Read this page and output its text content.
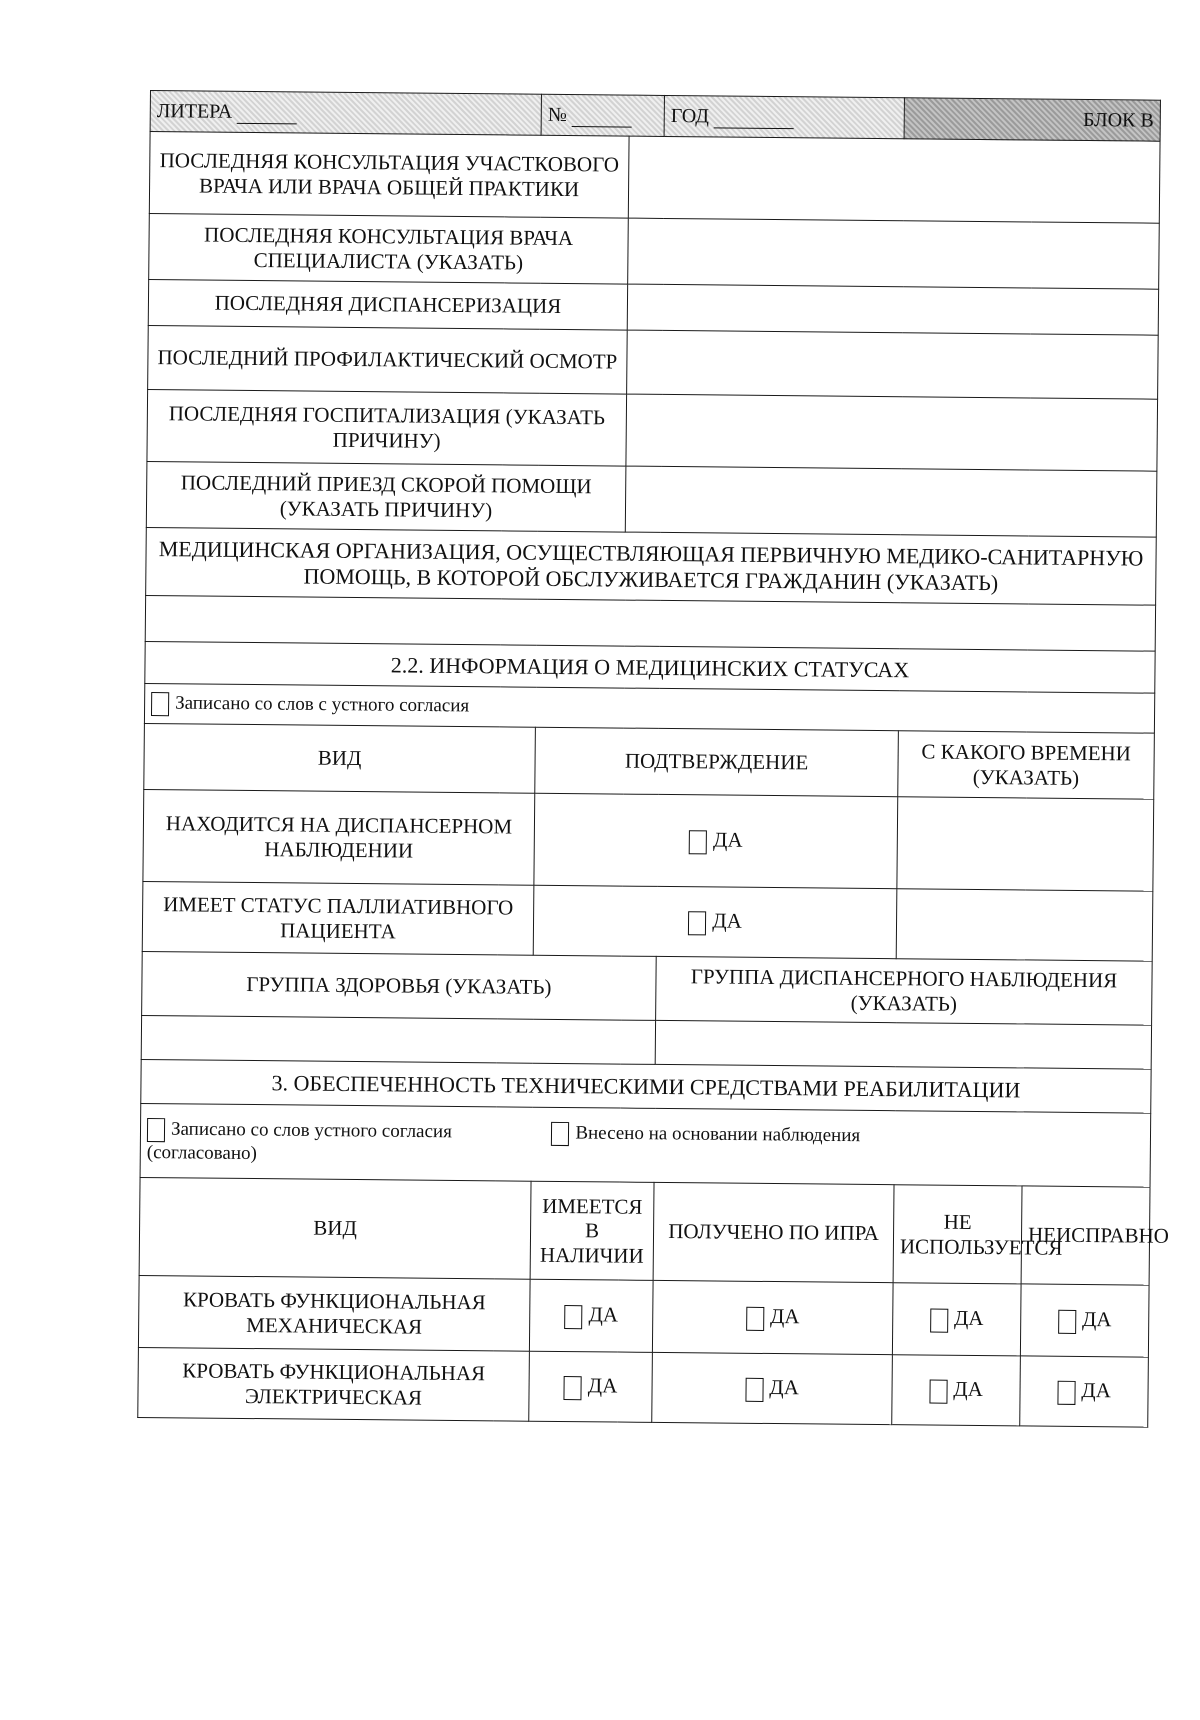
ЛИТЕРА	№		ГОД	БЛОК В	
ПОСЛЕДНЯЯ КОНСУЛЬТАЦИЯ УЧАСТКОВОГО ВРАЧА ИЛИ ВРАЧА ОБЩЕЙ ПРАКТИКИ					
ПОСЛЕДНЯЯ КОНСУЛЬТАЦИЯ ВРАЧА СПЕЦИАЛИСТА (УКАЗАТЬ)					
ПОСЛЕДНЯЯ ДИСПАНСЕРИЗАЦИЯ					
ПОСЛЕДНИЙ ПРОФИЛАКТИЧЕСКИЙ ОСМОТР					
ПОСЛЕДНЯЯ ГОСПИТАЛИЗАЦИЯ (УКАЗАТЬ ПРИЧИНУ)					
ПОСЛЕДНИЙ ПРИЕЗД СКОРОЙ ПОМОЩИ (УКАЗАТЬ ПРИЧИНУ)					
МЕДИЦИНСКАЯ ОРГАНИЗАЦИЯ, ОСУЩЕСТВЛЯЮЩАЯ ПЕРВИЧНУЮ МЕДИКО-САНИТАРНУЮ ПОМОЩЬ, В КОТОРОЙ ОБСЛУЖИВАЕТСЯ ГРАЖДАНИН (УКАЗАТЬ)					

2.2. ИНФОРМАЦИЯ О МЕДИЦИНСКИХ СТАТУСАХ					
Записано со слов с устного согласия					
ВИД	ПОДТВЕРЖДЕНИЕ			С КАКОГО ВРЕМЕНИ (УКАЗАТЬ)	
НАХОДИТСЯ НА ДИСПАНСЕРНОМ НАБЛЮДЕНИИ	ДА				
ИМЕЕТ СТАТУС ПАЛЛИАТИВНОГО ПАЦИЕНТА	ДА				
ГРУППА ЗДОРОВЬЯ (УКАЗАТЬ)			ГРУППА ДИСПАНСЕРНОГО НАБЛЮДЕНИЯ (УКАЗАТЬ)		

3. ОБЕСПЕЧЕННОСТЬ ТЕХНИЧЕСКИМИ СРЕДСТВАМИ РЕАБИЛИТАЦИИ					
Записано со слов устного согласия Внесено на основании наблюдения
(согласовано)					
ВИД	ИМЕЕТСЯ В НАЛИЧИИ		ПОЛУЧЕНО ПО ИПРА	НЕ ИСПОЛЬЗУЕТСЯ	НЕИСПРАВНО
КРОВАТЬ ФУНКЦИОНАЛЬНАЯ МЕХАНИЧЕСКАЯ	ДА		ДА	ДА	ДА
КРОВАТЬ ФУНКЦИОНАЛЬНАЯ ЭЛЕКТРИЧЕСКАЯ	ДА		ДА	ДА	ДА
